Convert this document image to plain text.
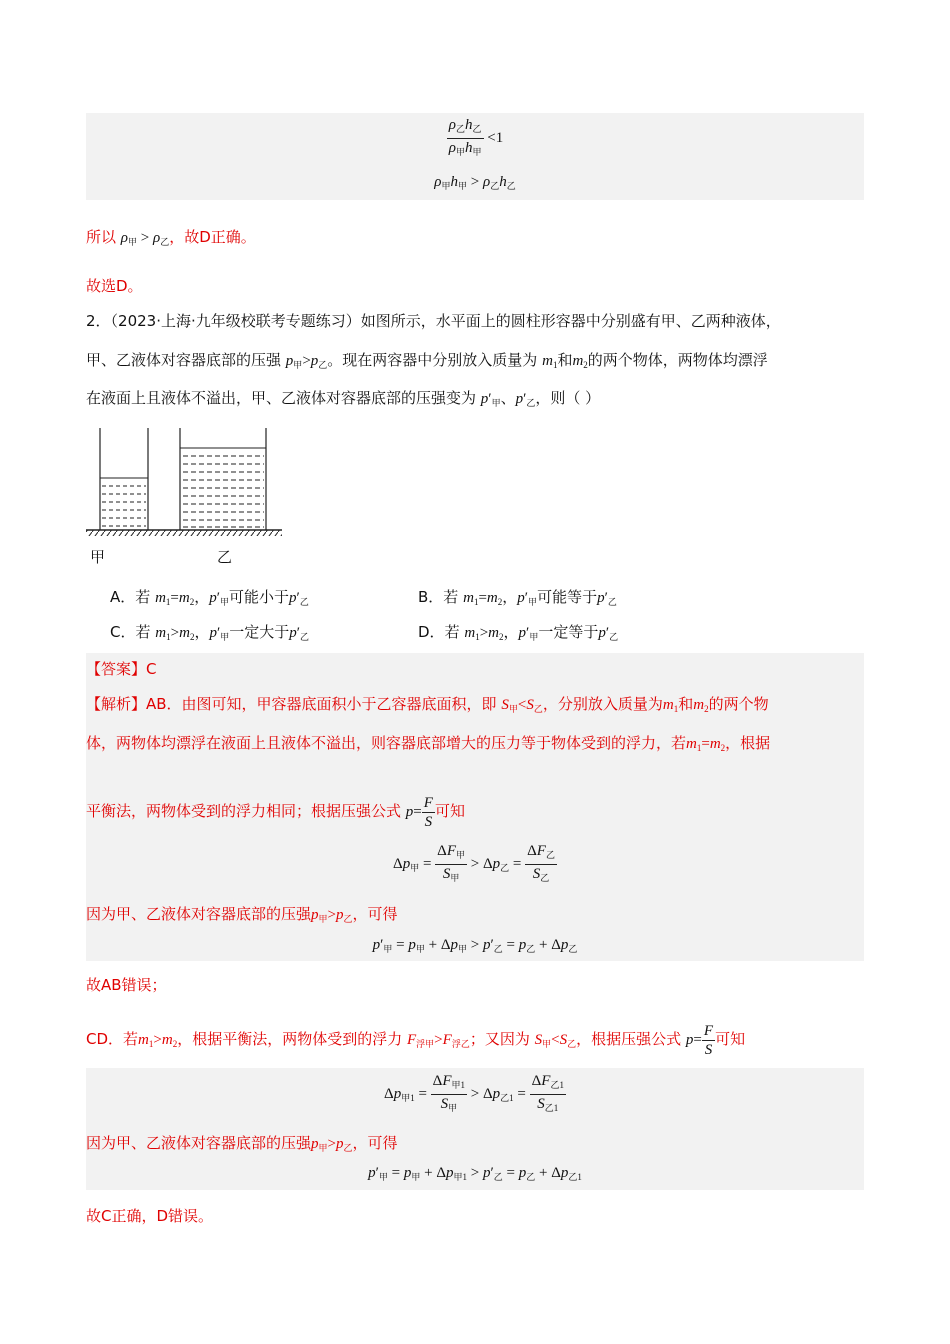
$\frac{\rho_乙h_乙}{\rho_甲h_甲} <1$
$\rho_甲h_甲 > \rho_乙h_乙$
所以 $\rho_甲 > \rho_乙$，故D正确。
故选D。
2．（2023·上海·九年级校联考专题练习）如图所示，水平面上的圆柱形容器中分别盛有甲、乙两种液体，
甲、乙液体对容器底部的压强 $p_甲>p_乙$。现在两容器中分别放入质量为 $m_1$和$m_2$的两个物体，两物体均漂浮
在液面上且液体不溢出，甲、乙液体对容器底部的压强变为 $p'_甲$、$p'_乙$，则（ ）
甲	乙
A．若 $m_1=m_2$，$p'_甲$可能小于$p'_乙$	B．若 $m_1=m_2$，$p'_甲$可能等于$p'_乙$
C．若 $m_1>m_2$，$p'_甲$一定大于$p'_乙$	D．若 $m_1>m_2$，$p'_甲$一定等于$p'_乙$
【答案】C
【解析】AB．由图可知，甲容器底面积小于乙容器底面积，即 $S_甲<S_乙$，分别放入质量为$m_1$和$m_2$的两个物
体，两物体均漂浮在液面上且液体不溢出，则容器底部增大的压力等于物体受到的浮力，若$m_1=m_2$，根据
平衡法，两物体受到的浮力相同；根据压强公式 $p= \frac{F}{S}$ 可知
$\Delta p_甲 = \frac{\Delta F_甲}{S_甲} > \Delta p_乙 = \frac{\Delta F_乙}{S_乙}$
因为甲、乙液体对容器底部的压强$p_甲>p_乙$，可得
$p'_甲 = p_甲 + \Delta p_甲 > p'_乙 = p_乙 + \Delta p_乙$
故AB错误；
CD．若$m_1>m_2$，根据平衡法，两物体受到的浮力 $F_{浮甲}>F_{浮乙}$；又因为 $S_甲<S_乙$，根据压强公式 $p= \frac{F}{S}$ 可知
$\Delta p_{甲1} = \frac{\Delta F_{甲1}}{S_甲} > \Delta p_{乙1} = \frac{\Delta F_{乙1}}{S_{乙1}}$
因为甲、乙液体对容器底部的压强$p_甲>p_乙$，可得
$p'_甲 = p_甲 + \Delta p_{甲1} > p'_乙 = p_乙 + \Delta p_{乙1}$
故C正确，D错误。
